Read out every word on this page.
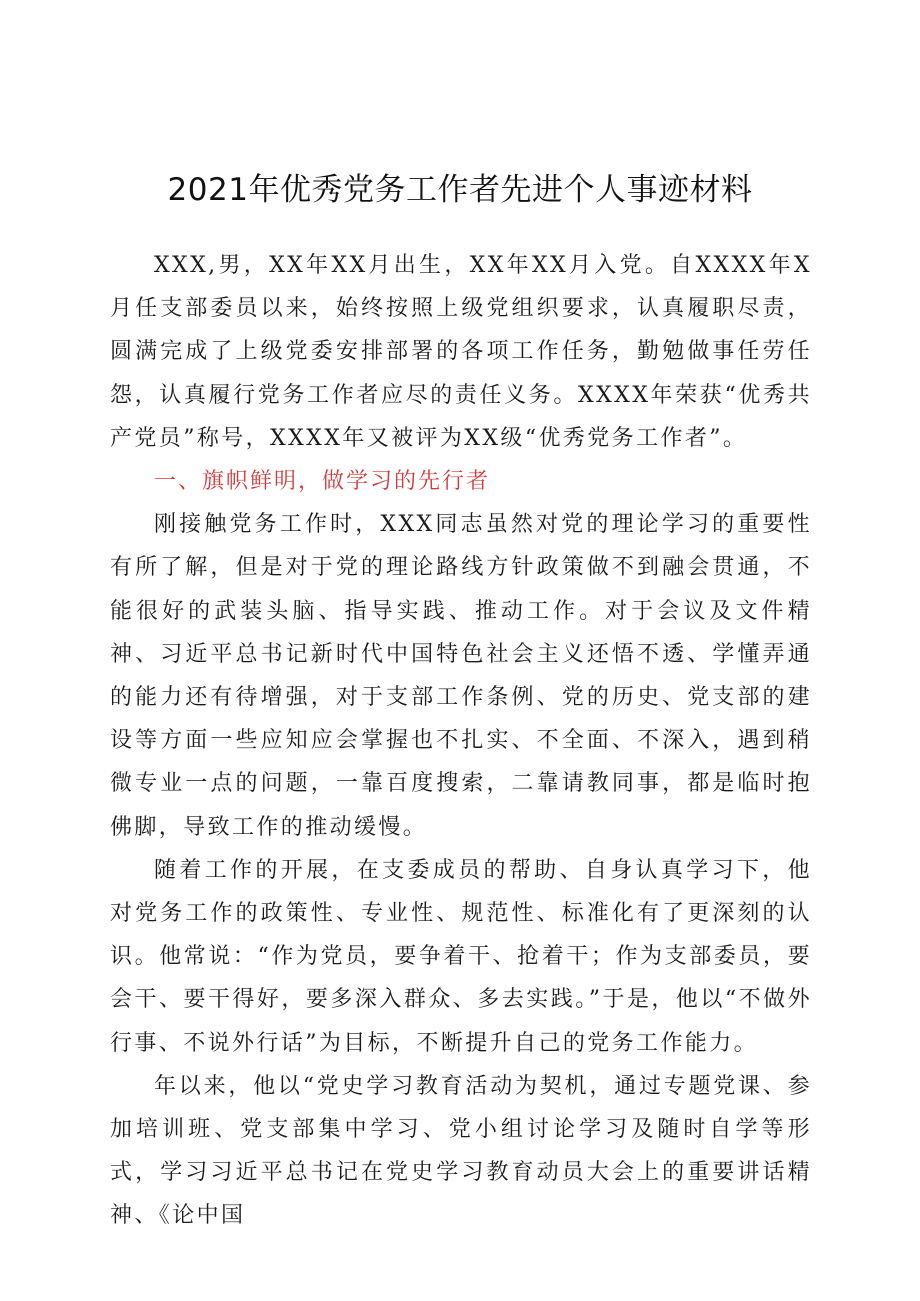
2021年优秀党务工作者先进个人事迹材料

XXX,男，XX年XX月出生，XX年XX月入党。自XXXX年X月任支部委员以来，始终按照上级党组织要求，认真履职尽责，圆满完成了上级党委安排部署的各项工作任务，勤勉做事任劳任怨，认真履行党务工作者应尽的责任义务。XXXX年荣获“优秀共产党员”称号，XXXX年又被评为XX级“优秀党务工作者”。

一、旗帜鲜明，做学习的先行者

刚接触党务工作时，XXX同志虽然对党的理论学习的重要性有所了解，但是对于党的理论路线方针政策做不到融会贯通，不能很好的武装头脑、指导实践、推动工作。对于会议及文件精神、习近平总书记新时代中国特色社会主义还悟不透、学懂弄通的能力还有待增强，对于支部工作条例、党的历史、党支部的建设等方面一些应知应会掌握也不扎实、不全面、不深入，遇到稍微专业一点的问题，一靠百度搜索，二靠请教同事，都是临时抱佛脚，导致工作的推动缓慢。

随着工作的开展，在支委成员的帮助、自身认真学习下，他对党务工作的政策性、专业性、规范性、标准化有了更深刻的认识。他常说：“作为党员，要争着干、抢着干；作为支部委员，要会干、要干得好，要多深入群众、多去实践。”于是，他以“不做外行事、不说外行话”为目标，不断提升自己的党务工作能力。

年以来，他以“党史学习教育活动为契机，通过专题党课、参加培训班、党支部集中学习、党小组讨论学习及随时自学等形式，学习习近平总书记在党史学习教育动员大会上的重要讲话精神、《论中国
